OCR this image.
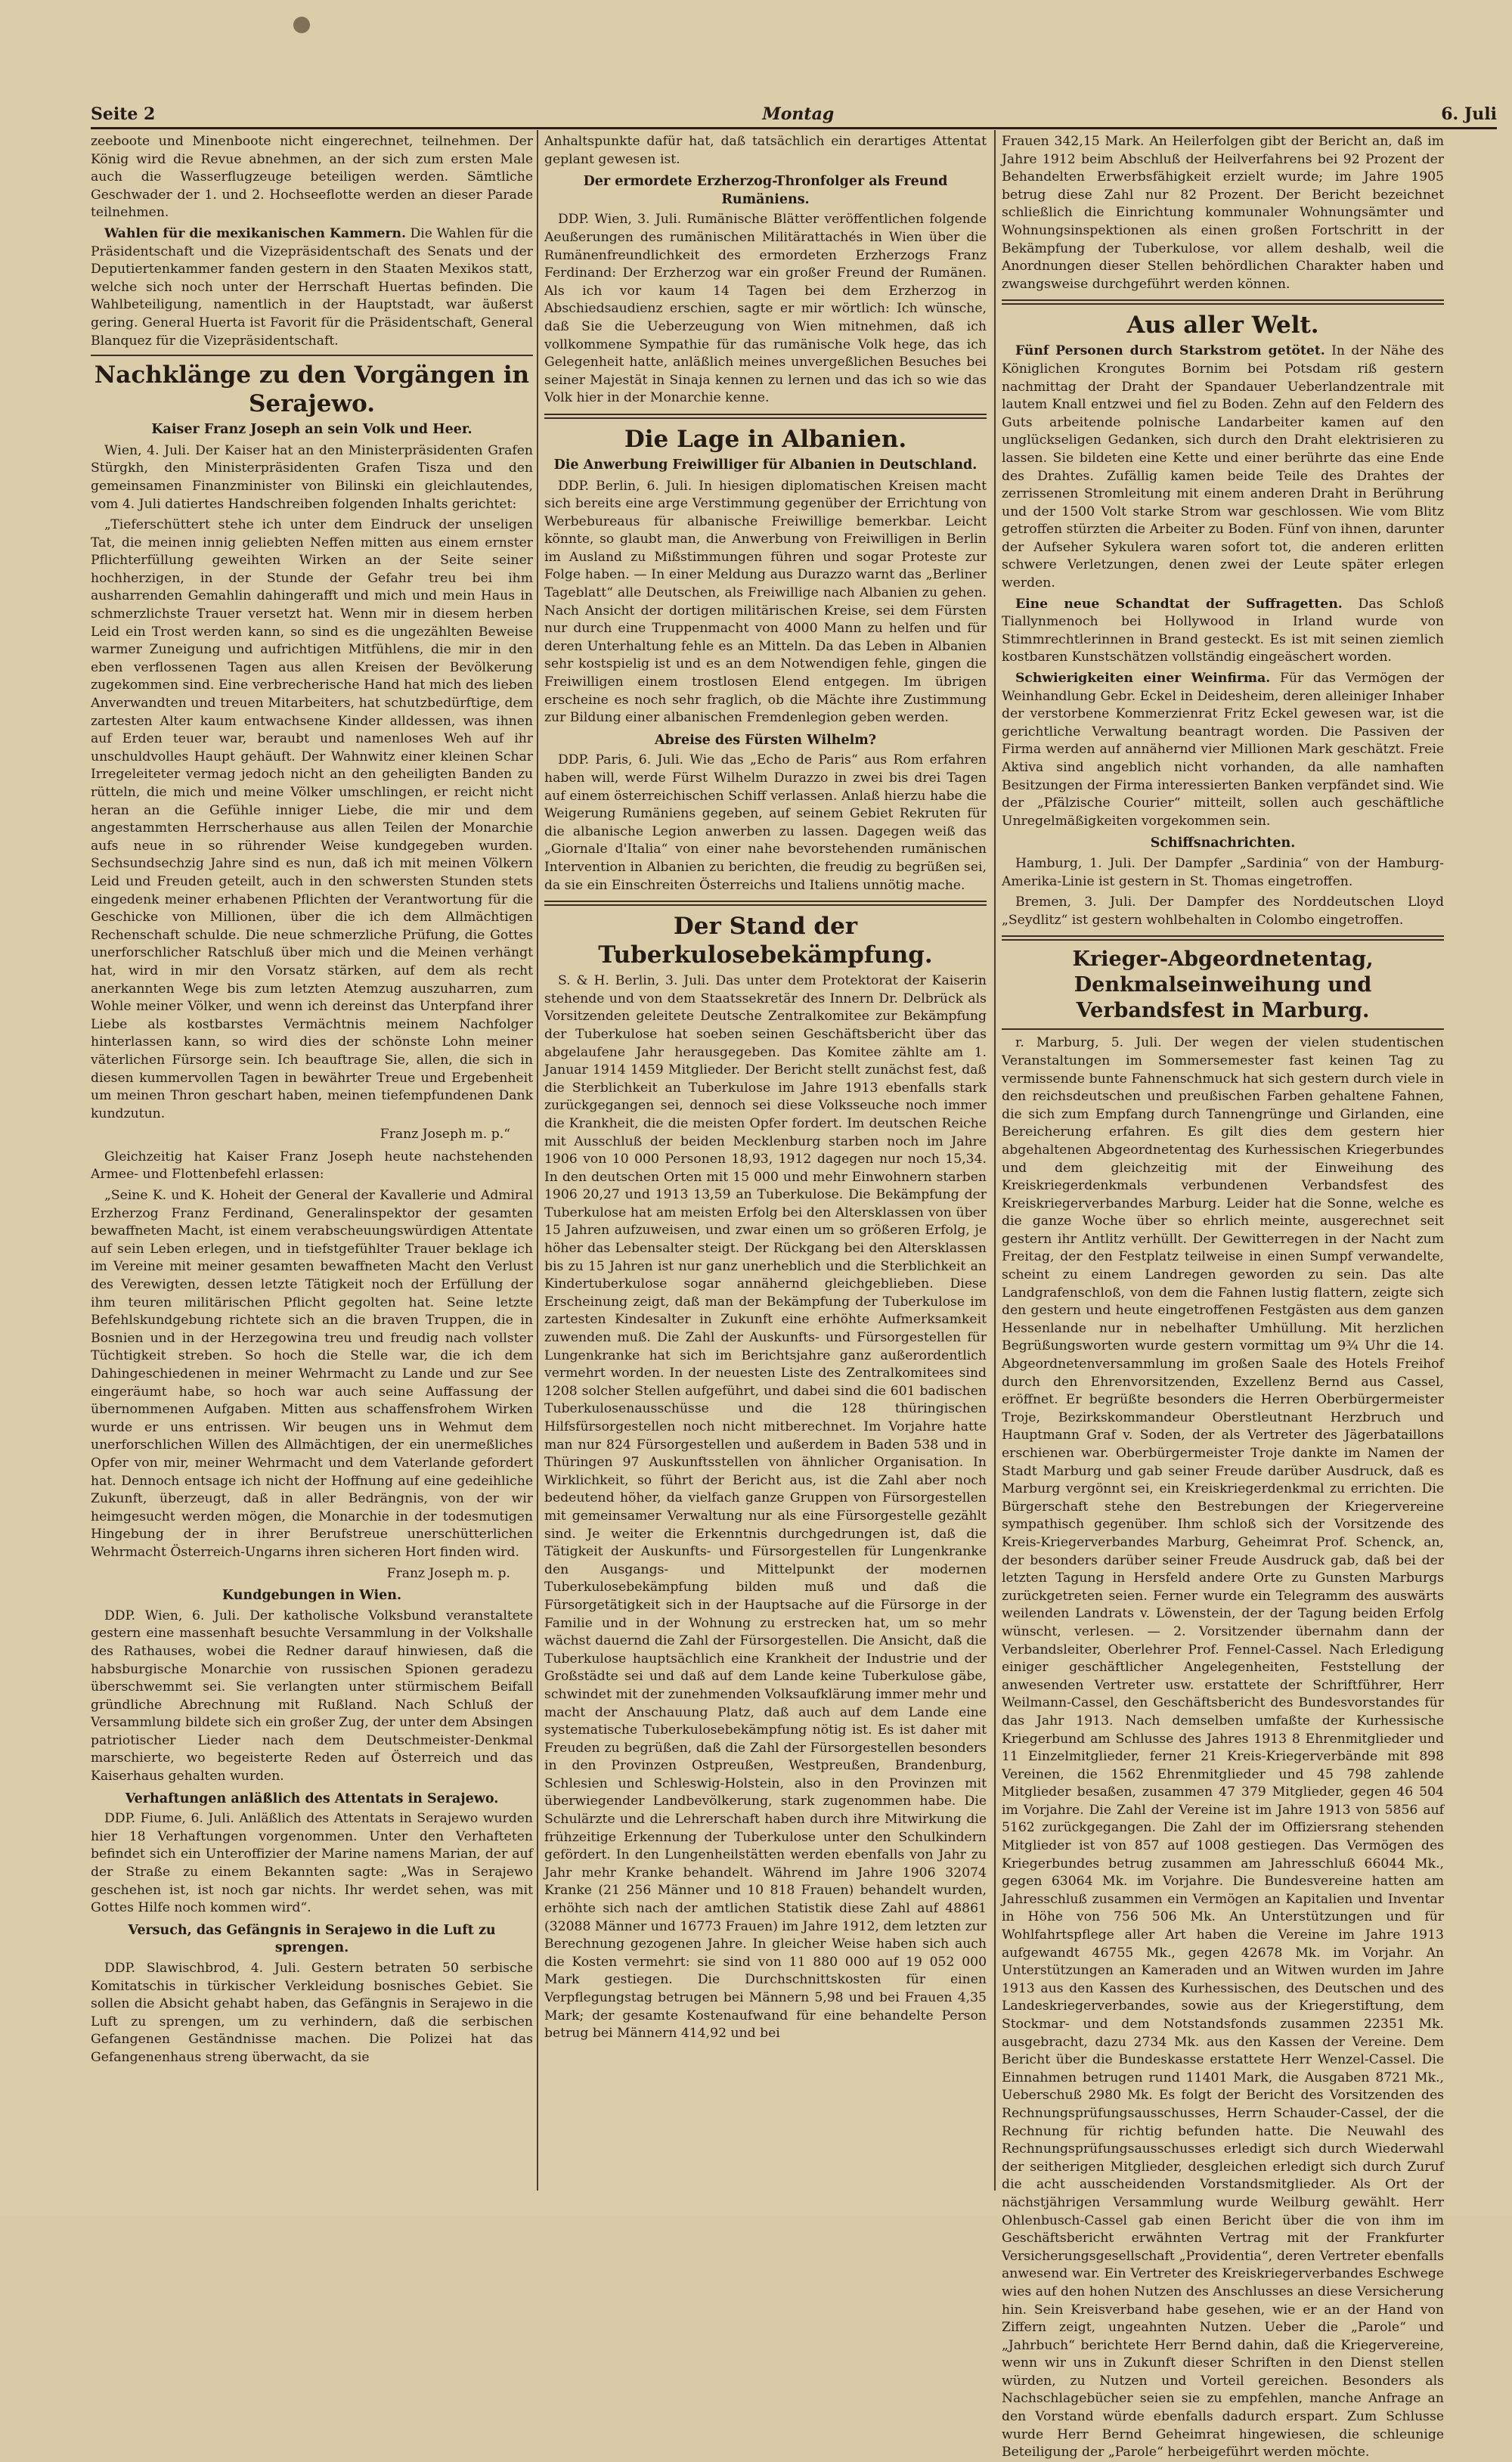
Seite 2	Montag	6. Juli

zeeboote und Minenboote nicht eingerechnet, teilnehmen. Der König wird die Revue abnehmen, an der sich zum ersten Male auch die Wasserflugzeuge beteiligen werden. Sämtliche Geschwader der 1. und 2. Hochseeflotte werden an dieser Parade teilnehmen.

Wahlen für die mexikanischen Kammern. Die Wahlen für die Präsidentschaft und die Vizepräsidentschaft des Senats und der Deputiertenkammer fanden gestern in den Staaten Mexikos statt, welche sich noch unter der Herrschaft Huertas befinden. Die Wahlbeteiligung, namentlich in der Hauptstadt, war äußerst gering. General Huerta ist Favorit für die Präsidentschaft, General Blanquez für die Vizepräsidentschaft.

Nachklänge zu den Vorgängen in Serajewo.
Kaiser Franz Joseph an sein Volk und Heer.

Wien, 4. Juli. Der Kaiser hat an den Ministerpräsidenten Grafen Stürgkh, den Ministerpräsidenten Grafen Tisza und den gemeinsamen Finanzminister von Bilinski ein gleichlautendes, vom 4. Juli datiertes Handschreiben folgenden Inhalts gerichtet:

„Tieferschüttert stehe ich unter dem Eindruck der unseligen Tat, die meinen innig geliebten Neffen mitten aus einem ernster Pflichterfüllung geweihten Wirken an der Seite seiner hochherzigen, in der Stunde der Gefahr treu bei ihm ausharrenden Gemahlin dahingerafft und mich und mein Haus in schmerzlichste Trauer versetzt hat. Wenn mir in diesem herben Leid ein Trost werden kann, so sind es die ungezählten Beweise warmer Zuneigung und aufrichtigen Mitfühlens, die mir in den eben verflossenen Tagen aus allen Kreisen der Bevölkerung zugekommen sind. Eine verbrecherische Hand hat mich des lieben Anverwandten und treuen Mitarbeiters, hat schutzbedürftige, dem zartesten Alter kaum entwachsene Kinder alldessen, was ihnen auf Erden teuer war, beraubt und namenloses Weh auf ihr unschuldvolles Haupt gehäuft. Der Wahnwitz einer kleinen Schar Irregeleiteter vermag jedoch nicht an den geheiligten Banden zu rütteln, die mich und meine Völker umschlingen, er reicht nicht heran an die Gefühle inniger Liebe, die mir und dem angestammten Herrscherhause aus allen Teilen der Monarchie aufs neue in so rührender Weise kundgegeben wurden. Sechsundsechzig Jahre sind es nun, daß ich mit meinen Völkern Leid und Freuden geteilt, auch in den schwersten Stunden stets eingedenk meiner erhabenen Pflichten der Verantwortung für die Geschicke von Millionen, über die ich dem Allmächtigen Rechenschaft schulde. Die neue schmerzliche Prüfung, die Gottes unerforschlicher Ratschluß über mich und die Meinen verhängt hat, wird in mir den Vorsatz stärken, auf dem als recht anerkannten Wege bis zum letzten Atemzug auszuharren, zum Wohle meiner Völker, und wenn ich dereinst das Unterpfand ihrer Liebe als kostbarstes Vermächtnis meinem Nachfolger hinterlassen kann, so wird dies der schönste Lohn meiner väterlichen Fürsorge sein. Ich beauftrage Sie, allen, die sich in diesen kummervollen Tagen in bewährter Treue und Ergebenheit um meinen Thron geschart haben, meinen tiefempfundenen Dank kundzutun.

Franz Joseph m. p.“

Gleichzeitig hat Kaiser Franz Joseph heute nachstehenden Armee- und Flottenbefehl erlassen:

„Seine K. und K. Hoheit der General der Kavallerie und Admiral Erzherzog Franz Ferdinand, Generalinspektor der gesamten bewaffneten Macht, ist einem verabscheuungswürdigen Attentate auf sein Leben erlegen, und in tiefstgefühlter Trauer beklage ich im Vereine mit meiner gesamten bewaffneten Macht den Verlust des Verewigten, dessen letzte Tätigkeit noch der Erfüllung der ihm teuren militärischen Pflicht gegolten hat. Seine letzte Befehlskundgebung richtete sich an die braven Truppen, die in Bosnien und in der Herzegowina treu und freudig nach vollster Tüchtigkeit streben. So hoch die Stelle war, die ich dem Dahingeschiedenen in meiner Wehrmacht zu Lande und zur See eingeräumt habe, so hoch war auch seine Auffassung der übernommenen Aufgaben. Mitten aus schaffensfrohem Wirken wurde er uns entrissen. Wir beugen uns in Wehmut dem unerforschlichen Willen des Allmächtigen, der ein unermeßliches Opfer von mir, meiner Wehrmacht und dem Vaterlande gefordert hat. Dennoch entsage ich nicht der Hoffnung auf eine gedeihliche Zukunft, überzeugt, daß in aller Bedrängnis, von der wir heimgesucht werden mögen, die Monarchie in der todesmutigen Hingebung der in ihrer Berufstreue unerschütterlichen Wehrmacht Österreich-Ungarns ihren sicheren Hort finden wird.

Franz Joseph m. p.
Kundgebungen in Wien.

DDP. Wien, 6. Juli. Der katholische Volksbund veranstaltete gestern eine massenhaft besuchte Versammlung in der Volkshalle des Rathauses, wobei die Redner darauf hinwiesen, daß die habsburgische Monarchie von russischen Spionen geradezu überschwemmt sei. Sie verlangten unter stürmischem Beifall gründliche Abrechnung mit Rußland. Nach Schluß der Versammlung bildete sich ein großer Zug, der unter dem Absingen patriotischer Lieder nach dem Deutschmeister-Denkmal marschierte, wo begeisterte Reden auf Österreich und das Kaiserhaus gehalten wurden.

Verhaftungen anläßlich des Attentats in Serajewo.

DDP. Fiume, 6. Juli. Anläßlich des Attentats in Serajewo wurden hier 18 Verhaftungen vorgenommen. Unter den Verhafteten befindet sich ein Unteroffizier der Marine namens Marian, der auf der Straße zu einem Bekannten sagte: „Was in Serajewo geschehen ist, ist noch gar nichts. Ihr werdet sehen, was mit Gottes Hilfe noch kommen wird“.

Versuch, das Gefängnis in Serajewo in die Luft zu sprengen.

DDP. Slawischbrod, 4. Juli. Gestern betraten 50 serbische Komitatschis in türkischer Verkleidung bosnisches Gebiet. Sie sollen die Absicht gehabt haben, das Gefängnis in Serajewo in die Luft zu sprengen, um zu verhindern, daß die serbischen Gefangenen Geständnisse machen. Die Polizei hat das Gefangenenhaus streng überwacht, da sie

Anhaltspunkte dafür hat, daß tatsächlich ein derartiges Attentat geplant gewesen ist.

Der ermordete Erzherzog-Thronfolger als Freund Rumäniens.

DDP. Wien, 3. Juli. Rumänische Blätter veröffentlichen folgende Aeußerungen des rumänischen Militärattachés in Wien über die Rumänenfreundlichkeit des ermordeten Erzherzogs Franz Ferdinand: Der Erzherzog war ein großer Freund der Rumänen. Als ich vor kaum 14 Tagen bei dem Erzherzog in Abschiedsaudienz erschien, sagte er mir wörtlich: Ich wünsche, daß Sie die Ueberzeugung von Wien mitnehmen, daß ich vollkommene Sympathie für das rumänische Volk hege, das ich Gelegenheit hatte, anläßlich meines unvergeßlichen Besuches bei seiner Majestät in Sinaja kennen zu lernen und das ich so wie das Volk hier in der Monarchie kenne.

Die Lage in Albanien.
Die Anwerbung Freiwilliger für Albanien in Deutschland.

DDP. Berlin, 6. Juli. In hiesigen diplomatischen Kreisen macht sich bereits eine arge Verstimmung gegenüber der Errichtung von Werbebureaus für albanische Freiwillige bemerkbar. Leicht könnte, so glaubt man, die Anwerbung von Freiwilligen in Berlin im Ausland zu Mißstimmungen führen und sogar Proteste zur Folge haben. — In einer Meldung aus Durazzo warnt das „Berliner Tageblatt“ alle Deutschen, als Freiwillige nach Albanien zu gehen. Nach Ansicht der dortigen militärischen Kreise, sei dem Fürsten nur durch eine Truppenmacht von 4000 Mann zu helfen und für deren Unterhaltung fehle es an Mitteln. Da das Leben in Albanien sehr kostspielig ist und es an dem Notwendigen fehle, gingen die Freiwilligen einem trostlosen Elend entgegen. Im übrigen erscheine es noch sehr fraglich, ob die Mächte ihre Zustimmung zur Bildung einer albanischen Fremdenlegion geben werden.

Abreise des Fürsten Wilhelm?

DDP. Paris, 6. Juli. Wie das „Echo de Paris“ aus Rom erfahren haben will, werde Fürst Wilhelm Durazzo in zwei bis drei Tagen auf einem österreichischen Schiff verlassen. Anlaß hierzu habe die Weigerung Rumäniens gegeben, auf seinem Gebiet Rekruten für die albanische Legion anwerben zu lassen. Dagegen weiß das „Giornale d'Italia“ von einer nahe bevorstehenden rumänischen Intervention in Albanien zu berichten, die freudig zu begrüßen sei, da sie ein Einschreiten Österreichs und Italiens unnötig mache.

Der Stand der Tuberkulosebekämpfung.

S. & H. Berlin, 3. Juli. Das unter dem Protektorat der Kaiserin stehende und von dem Staatssekretär des Innern Dr. Delbrück als Vorsitzenden geleitete Deutsche Zentralkomitee zur Bekämpfung der Tuberkulose hat soeben seinen Geschäftsbericht über das abgelaufene Jahr herausgegeben. Das Komitee zählte am 1. Januar 1914 1459 Mitglieder. Der Bericht stellt zunächst fest, daß die Sterblichkeit an Tuberkulose im Jahre 1913 ebenfalls stark zurückgegangen sei, dennoch sei diese Volksseuche noch immer die Krankheit, die die meisten Opfer fordert. Im deutschen Reiche mit Ausschluß der beiden Mecklenburg starben noch im Jahre 1906 von 10 000 Personen 18,93, 1912 dagegen nur noch 15,34. In den deutschen Orten mit 15 000 und mehr Einwohnern starben 1906 20,27 und 1913 13,59 an Tuberkulose. Die Bekämpfung der Tuberkulose hat am meisten Erfolg bei den Altersklassen von über 15 Jahren aufzuweisen, und zwar einen um so größeren Erfolg, je höher das Lebensalter steigt. Der Rückgang bei den Altersklassen bis zu 15 Jahren ist nur ganz unerheblich und die Sterblichkeit an Kindertuberkulose sogar annähernd gleichgeblieben. Diese Erscheinung zeigt, daß man der Bekämpfung der Tuberkulose im zartesten Kindesalter in Zukunft eine erhöhte Aufmerksamkeit zuwenden muß. Die Zahl der Auskunfts- und Fürsorgestellen für Lungenkranke hat sich im Berichtsjahre ganz außerordentlich vermehrt worden. In der neuesten Liste des Zentralkomitees sind 1208 solcher Stellen aufgeführt, und dabei sind die 601 badischen Tuberkulosenausschüsse und die 128 thüringischen Hilfsfürsorgestellen noch nicht mitberechnet. Im Vorjahre hatte man nur 824 Fürsorgestellen und außerdem in Baden 538 und in Thüringen 97 Auskunftsstellen von ähnlicher Organisation. In Wirklichkeit, so führt der Bericht aus, ist die Zahl aber noch bedeutend höher, da vielfach ganze Gruppen von Fürsorgestellen mit gemeinsamer Verwaltung nur als eine Fürsorgestelle gezählt sind. Je weiter die Erkenntnis durchgedrungen ist, daß die Tätigkeit der Auskunfts- und Fürsorgestellen für Lungenkranke den Ausgangs- und Mittelpunkt der modernen Tuberkulosebekämpfung bilden muß und daß die Fürsorgetätigkeit sich in der Hauptsache auf die Fürsorge in der Familie und in der Wohnung zu erstrecken hat, um so mehr wächst dauernd die Zahl der Fürsorgestellen. Die Ansicht, daß die Tuberkulose hauptsächlich eine Krankheit der Industrie und der Großstädte sei und daß auf dem Lande keine Tuberkulose gäbe, schwindet mit der zunehmenden Volksaufklärung immer mehr und macht der Anschauung Platz, daß auch auf dem Lande eine systematische Tuberkulosebekämpfung nötig ist. Es ist daher mit Freuden zu begrüßen, daß die Zahl der Fürsorgestellen besonders in den Provinzen Ostpreußen, Westpreußen, Brandenburg, Schlesien und Schleswig-Holstein, also in den Provinzen mit überwiegender Landbevölkerung, stark zugenommen habe. Die Schulärzte und die Lehrerschaft haben durch ihre Mitwirkung die frühzeitige Erkennung der Tuberkulose unter den Schulkindern gefördert. In den Lungenheilstätten werden ebenfalls von Jahr zu Jahr mehr Kranke behandelt. Während im Jahre 1906 32074 Kranke (21 256 Männer und 10 818 Frauen) behandelt wurden, erhöhte sich nach der amtlichen Statistik diese Zahl auf 48861 (32088 Männer und 16773 Frauen) im Jahre 1912, dem letzten zur Berechnung gezogenen Jahre. In gleicher Weise haben sich auch die Kosten vermehrt: sie sind von 11 880 000 auf 19 052 000 Mark gestiegen. Die Durchschnittskosten für einen Verpflegungstag betrugen bei Männern 5,98 und bei Frauen 4,35 Mark; der gesamte Kostenaufwand für eine behandelte Person betrug bei Männern 414,92 und bei

Frauen 342,15 Mark. An Heilerfolgen gibt der Bericht an, daß im Jahre 1912 beim Abschluß der Heilverfahrens bei 92 Prozent der Behandelten Erwerbsfähigkeit erzielt wurde; im Jahre 1905 betrug diese Zahl nur 82 Prozent. Der Bericht bezeichnet schließlich die Einrichtung kommunaler Wohnungsämter und Wohnungsinspektionen als einen großen Fortschritt in der Bekämpfung der Tuberkulose, vor allem deshalb, weil die Anordnungen dieser Stellen behördlichen Charakter haben und zwangsweise durchgeführt werden können.

Aus aller Welt.

Fünf Personen durch Starkstrom getötet. In der Nähe des Königlichen Krongutes Bornim bei Potsdam riß gestern nachmittag der Draht der Spandauer Ueberlandzentrale mit lautem Knall entzwei und fiel zu Boden. Zehn auf den Feldern des Guts arbeitende polnische Landarbeiter kamen auf den unglückseligen Gedanken, sich durch den Draht elektrisieren zu lassen. Sie bildeten eine Kette und einer berührte das eine Ende des Drahtes. Zufällig kamen beide Teile des Drahtes der zerrissenen Stromleitung mit einem anderen Draht in Berührung und der 1500 Volt starke Strom war geschlossen. Wie vom Blitz getroffen stürzten die Arbeiter zu Boden. Fünf von ihnen, darunter der Aufseher Sykulera waren sofort tot, die anderen erlitten schwere Verletzungen, denen zwei der Leute später erlegen werden.

Eine neue Schandtat der Suffragetten. Das Schloß Tiallynmenoch bei Hollywood in Irland wurde von Stimmrechtlerinnen in Brand gesteckt. Es ist mit seinen ziemlich kostbaren Kunstschätzen vollständig eingeäschert worden.

Schwierigkeiten einer Weinfirma. Für das Vermögen der Weinhandlung Gebr. Eckel in Deidesheim, deren alleiniger Inhaber der verstorbene Kommerzienrat Fritz Eckel gewesen war, ist die gerichtliche Verwaltung beantragt worden. Die Passiven der Firma werden auf annähernd vier Millionen Mark geschätzt. Freie Aktiva sind angeblich nicht vorhanden, da alle namhaften Besitzungen der Firma interessierten Banken verpfändet sind. Wie der „Pfälzische Courier“ mitteilt, sollen auch geschäftliche Unregelmäßigkeiten vorgekommen sein.

Schiffsnachrichten.

Hamburg, 1. Juli. Der Dampfer „Sardinia“ von der Hamburg-Amerika-Linie ist gestern in St. Thomas eingetroffen.

Bremen, 3. Juli. Der Dampfer des Norddeutschen Lloyd „Seydlitz“ ist gestern wohlbehalten in Colombo eingetroffen.

Krieger-Abgeordnetentag, Denkmalseinweihung und Verbandsfest in Marburg.

r. Marburg, 5. Juli. Der wegen der vielen studentischen Veranstaltungen im Sommersemester fast keinen Tag zu vermissende bunte Fahnenschmuck hat sich gestern durch viele in den reichsdeutschen und preußischen Farben gehaltene Fahnen, die sich zum Empfang durch Tannengrünge und Girlanden, eine Bereicherung erfahren. Es gilt dies dem gestern hier abgehaltenen Abgeordnetentag des Kurhessischen Kriegerbundes und dem gleichzeitig mit der Einweihung des Kreiskriegerdenkmals verbundenen Verbandsfest des Kreiskriegerverbandes Marburg. Leider hat die Sonne, welche es die ganze Woche über so ehrlich meinte, ausgerechnet seit gestern ihr Antlitz verhüllt. Der Gewitterregen in der Nacht zum Freitag, der den Festplatz teilweise in einen Sumpf verwandelte, scheint zu einem Landregen geworden zu sein. Das alte Landgrafenschloß, von dem die Fahnen lustig flattern, zeigte sich den gestern und heute eingetroffenen Festgästen aus dem ganzen Hessenlande nur in nebelhafter Umhüllung. Mit herzlichen Begrüßungsworten wurde gestern vormittag um 9¾ Uhr die 14. Abgeordnetenversammlung im großen Saale des Hotels Freihof durch den Ehrenvorsitzenden, Exzellenz Bernd aus Cassel, eröffnet. Er begrüßte besonders die Herren Oberbürgermeister Troje, Bezirkskommandeur Oberstleutnant Herzbruch und Hauptmann Graf v. Soden, der als Vertreter des Jägerbataillons erschienen war. Oberbürgermeister Troje dankte im Namen der Stadt Marburg und gab seiner Freude darüber Ausdruck, daß es Marburg vergönnt sei, ein Kreiskriegerdenkmal zu errichten. Die Bürgerschaft stehe den Bestrebungen der Kriegervereine sympathisch gegenüber. Ihm schloß sich der Vorsitzende des Kreis-Kriegerverbandes Marburg, Geheimrat Prof. Schenck, an, der besonders darüber seiner Freude Ausdruck gab, daß bei der letzten Tagung in Hersfeld andere Orte zu Gunsten Marburgs zurückgetreten seien. Ferner wurde ein Telegramm des auswärts weilenden Landrats v. Löwenstein, der der Tagung beiden Erfolg wünscht, verlesen. — 2. Vorsitzender übernahm dann der Verbandsleiter, Oberlehrer Prof. Fennel-Cassel. Nach Erledigung einiger geschäftlicher Angelegenheiten, Feststellung der anwesenden Vertreter usw. erstattete der Schriftführer, Herr Weilmann-Cassel, den Geschäftsbericht des Bundesvorstandes für das Jahr 1913. Nach demselben umfaßte der Kurhessische Kriegerbund am Schlusse des Jahres 1913 8 Ehrenmitglieder und 11 Einzelmitglieder, ferner 21 Kreis-Kriegerverbände mit 898 Vereinen, die 1562 Ehrenmitglieder und 45 798 zahlende Mitglieder besaßen, zusammen 47 379 Mitglieder, gegen 46 504 im Vorjahre. Die Zahl der Vereine ist im Jahre 1913 von 5856 auf 5162 zurückgegangen. Die Zahl der im Offiziersrang stehenden Mitglieder ist von 857 auf 1008 gestiegen. Das Vermögen des Kriegerbundes betrug zusammen am Jahresschluß 66044 Mk., gegen 63064 Mk. im Vorjahre. Die Bundesvereine hatten am Jahresschluß zusammen ein Vermögen an Kapitalien und Inventar in Höhe von 756 506 Mk. An Unterstützungen und für Wohlfahrtspflege aller Art haben die Vereine im Jahre 1913 aufgewandt 46755 Mk., gegen 42678 Mk. im Vorjahr. An Unterstützungen an Kameraden und an Witwen wurden im Jahre 1913 aus den Kassen des Kurhessischen, des Deutschen und des Landeskriegerverbandes, sowie aus der Kriegerstiftung, dem Stockmar- und dem Notstandsfonds zusammen 22351 Mk. ausgebracht, dazu 2734 Mk. aus den Kassen der Vereine. Dem Bericht über die Bundeskasse erstattete Herr Wenzel-Cassel. Die Einnahmen betrugen rund 11401 Mark, die Ausgaben 8721 Mk., Ueberschuß 2980 Mk. Es folgt der Bericht des Vorsitzenden des Rechnungsprüfungsausschusses, Herrn Schauder-Cassel, der die Rechnung für richtig befunden hatte. Die Neuwahl des Rechnungsprüfungsausschusses erledigt sich durch Wiederwahl der seitherigen Mitglieder, desgleichen erledigt sich durch Zuruf die acht ausscheidenden Vorstandsmitglieder. Als Ort der nächstjährigen Versammlung wurde Weilburg gewählt. Herr Ohlenbusch-Cassel gab einen Bericht über die von ihm im Geschäftsbericht erwähnten Vertrag mit der Frankfurter Versicherungsgesellschaft „Providentia“, deren Vertreter ebenfalls anwesend war. Ein Vertreter des Kreiskriegerverbandes Eschwege wies auf den hohen Nutzen des Anschlusses an diese Versicherung hin. Sein Kreisverband habe gesehen, wie er an der Hand von Ziffern zeigt, ungeahnten Nutzen. Ueber die „Parole“ und „Jahrbuch“ berichtete Herr Bernd dahin, daß die Kriegervereine, wenn wir uns in Zukunft dieser Schriften in den Dienst stellen würden, zu Nutzen und Vorteil gereichen. Besonders als Nachschlagebücher seien sie zu empfehlen, manche Anfrage an den Vorstand würde ebenfalls dadurch erspart. Zum Schlusse wurde Herr Bernd Geheimrat hingewiesen, die schleunige Beteiligung der „Parole“ herbeigeführt werden möchte.
